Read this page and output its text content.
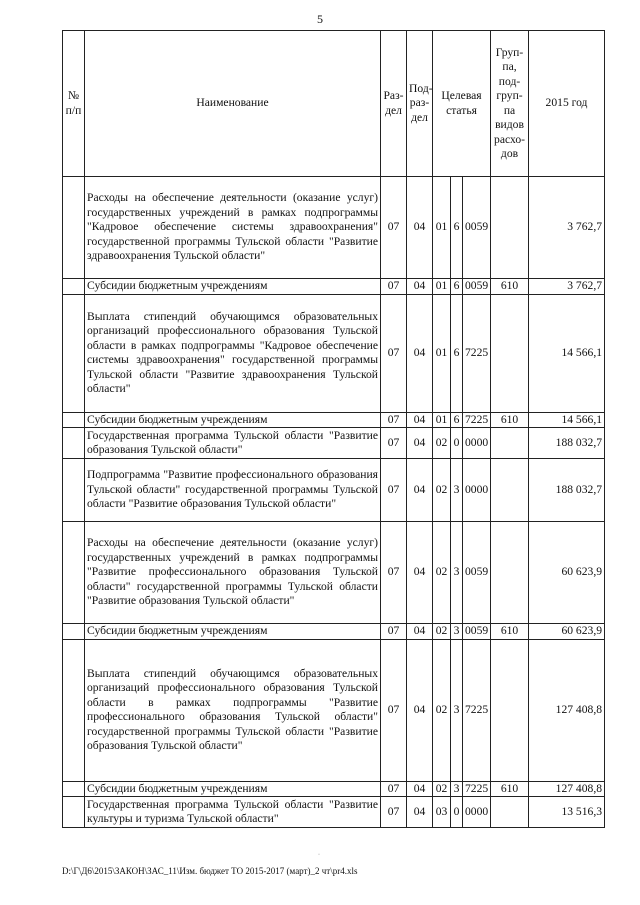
5
№ п/п	Наименование	Раз-дел	Под-раз-дел	Целевая статья			Груп-па, под-груп-па видов расхо-дов	2015 год
	Расходы на обеспечение деятельности (оказание услуг) государственных учреждений в рамках подпрограммы "Кадровое обеспечение системы здравоохранения" государственной программы Тульской области "Развитие здравоохранения Тульской области"	07	04	01	6	0059		3 762,7
	Субсидии бюджетным учреждениям	07	04	01	6	0059	610	3 762,7
	Выплата стипендий обучающимся образовательных организаций профессионального образования Тульской области в рамках подпрограммы "Кадровое обеспечение системы здравоохранения" государственной программы Тульской области "Развитие здравоохранения Тульской области"	07	04	01	6	7225		14 566,1
	Субсидии бюджетным учреждениям	07	04	01	6	7225	610	14 566,1
	Государственная программа Тульской области "Развитие образования Тульской области"	07	04	02	0	0000		188 032,7
	Подпрограмма "Развитие профессионального образования Тульской области" государственной программы Тульской области "Развитие образования Тульской области"	07	04	02	3	0000		188 032,7
	Расходы на обеспечение деятельности (оказание услуг) государственных учреждений в рамках подпрограммы "Развитие профессионального образования Тульской области" государственной программы Тульской области "Развитие образования Тульской области"	07	04	02	3	0059		60 623,9
	Субсидии бюджетным учреждениям	07	04	02	3	0059	610	60 623,9
	Выплата стипендий обучающимся образовательных организаций профессионального образования Тульской области в рамках подпрограммы "Развитие профессионального образования Тульской области" государственной программы Тульской области "Развитие образования Тульской области"	07	04	02	3	7225		127 408,8
	Субсидии бюджетным учреждениям	07	04	02	3	7225	610	127 408,8
	Государственная программа Тульской области "Развитие культуры и туризма Тульской области"	07	04	03	0	0000		13 516,3
·
D:\Г\Д6\2015\ЗАКОН\ЗАС_11\Изм. бюджет ТО 2015-2017 (март)_2 чт\pr4.xls
